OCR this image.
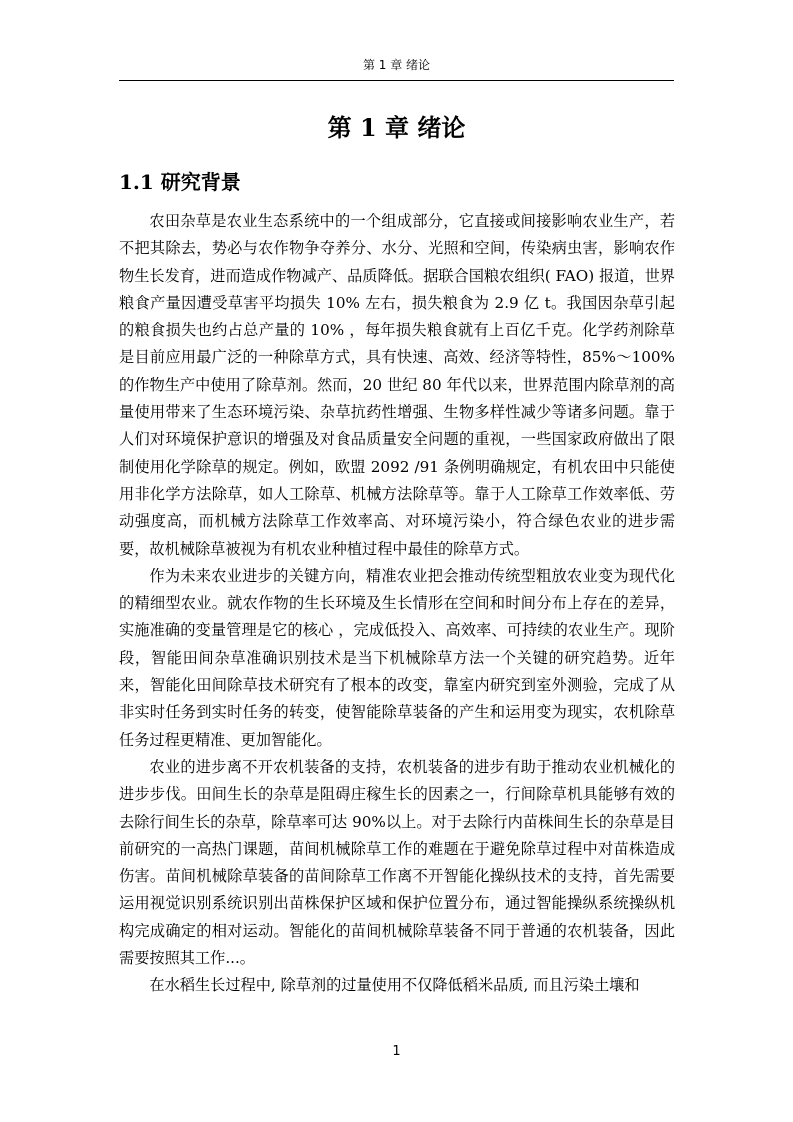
第 1 章 绪论
第 1 章 绪论
1.1 研究背景

农田杂草是农业生态系统中的一个组成部分，它直接或间接影响农业生产，若不把其除去，势必与农作物争夺养分、水分、光照和空间，传染病虫害，影响农作物生长发育，进而造成作物减产、品质降低。据联合国粮农组织( FAO) 报道，世界粮食产量因遭受草害平均损失 10% 左右，损失粮食为 2.9 亿 t。我国因杂草引起的粮食损失也约占总产量的 10% ，每年损失粮食就有上百亿千克。化学药剂除草是目前应用最广泛的一种除草方式，具有快速、高效、经济等特性，85%～100% 的作物生产中使用了除草剂。然而，20 世纪 80 年代以来，世界范围内除草剂的高量使用带来了生态环境污染、杂草抗药性增强、生物多样性减少等诸多问题。靠于人们对环境保护意识的增强及对食品质量安全问题的重视，一些国家政府做出了限制使用化学除草的规定。例如，欧盟 2092 /91 条例明确规定，有机农田中只能使用非化学方法除草，如人工除草、机械方法除草等。靠于人工除草工作效率低、劳动强度高，而机械方法除草工作效率高、对环境污染小，符合绿色农业的进步需要，故机械除草被视为有机农业种植过程中最佳的除草方式。

作为未来农业进步的关键方向，精准农业把会推动传统型粗放农业变为现代化的精细型农业。就农作物的生长环境及生长情形在空间和时间分布上存在的差异，实施准确的变量管理是它的核心 ，完成低投入、高效率、可持续的农业生产。现阶段，智能田间杂草准确识别技术是当下机械除草方法一个关键的研究趋势。近年来，智能化田间除草技术研究有了根本的改变，靠室内研究到室外测验，完成了从非实时任务到实时任务的转变，使智能除草装备的产生和运用变为现实，农机除草任务过程更精准、更加智能化。

农业的进步离不开农机装备的支持，农机装备的进步有助于推动农业机械化的进步步伐。田间生长的杂草是阻碍庄稼生长的因素之一，行间除草机具能够有效的去除行间生长的杂草，除草率可达 90%以上。对于去除行内苗株间生长的杂草是目前研究的一高热门课题，苗间机械除草工作的难题在于避免除草过程中对苗株造成伤害。苗间机械除草装备的苗间除草工作离不开智能化操纵技术的支持，首先需要运用视觉识别系统识别出苗株保护区域和保护位置分布，通过智能操纵系统操纵机构完成确定的相对运动。智能化的苗间机械除草装备不同于普通的农机装备，因此需要按照其工作...。

在水稻生长过程中, 除草剂的过量使用不仅降低稻米品质, 而且污染土壤和

1
